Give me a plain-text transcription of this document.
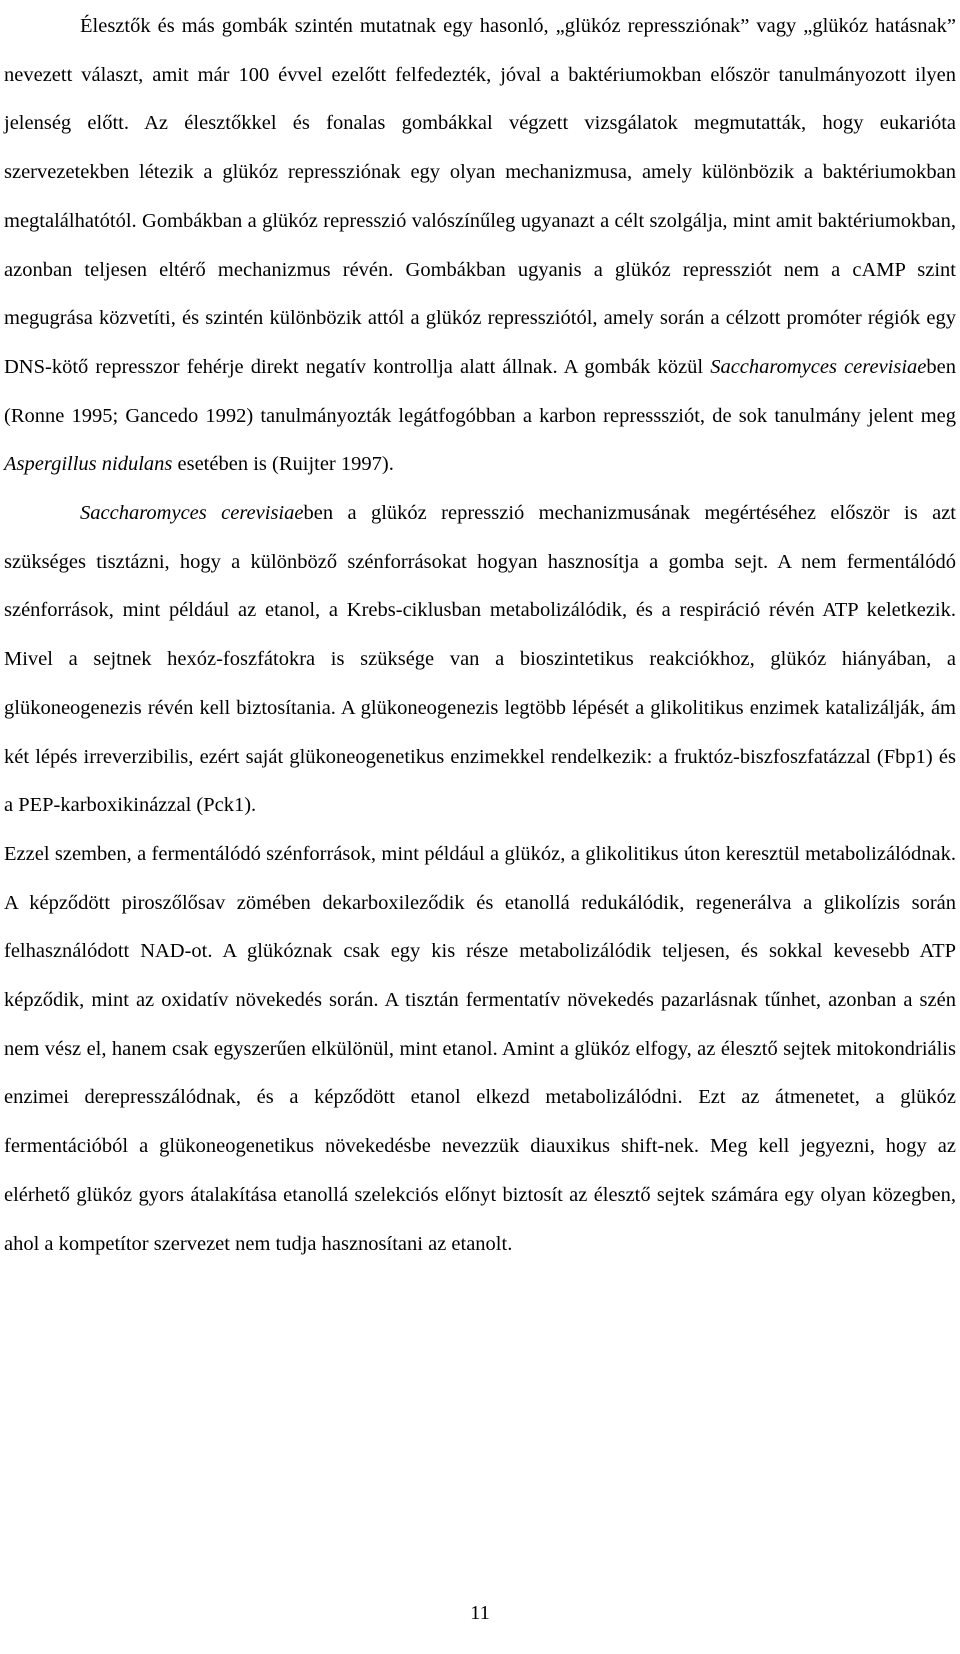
Élesztők és más gombák szintén mutatnak egy hasonló, „glükóz repressziónak” vagy „glükóz hatásnak” nevezett választ, amit már 100 évvel ezelőtt felfedezték, jóval a baktériumokban először tanulmányozott ilyen jelenség előtt. Az élesztőkkel és fonalas gombákkal végzett vizsgálatok megmutatták, hogy eukarióta szervezetekben létezik a glükóz repressziónak egy olyan mechanizmusa, amely különbözik a baktériumokban megtalálhatótól. Gombákban a glükóz represszió valószínűleg ugyanazt a célt szolgálja, mint amit baktériumokban, azonban teljesen eltérő mechanizmus révén. Gombákban ugyanis a glükóz repressziót nem a cAMP szint megugrása közvetíti, és szintén különbözik attól a glükóz repressziótól, amely során a célzott promóter régiók egy DNS-kötő represszor fehérje direkt negatív kontrollja alatt állnak. A gombák közül Saccharomyces cerevisiaeben (Ronne 1995; Gancedo 1992) tanulmányozták legátfogóbban a karbon represssziót, de sok tanulmány jelent meg Aspergillus nidulans esetében is (Ruijter 1997).

Saccharomyces cerevisiaeben a glükóz represszió mechanizmusának megértéséhez először is azt szükséges tisztázni, hogy a különböző szénforrásokat hogyan hasznosítja a gomba sejt. A nem fermentálódó szénforrások, mint például az etanol, a Krebs-ciklusban metabolizálódik, és a respiráció révén ATP keletkezik. Mivel a sejtnek hexóz-foszfátokra is szüksége van a bioszintetikus reakciókhoz, glükóz hiányában, a glükoneogenezis révén kell biztosítania. A glükoneogenezis legtöbb lépését a glikolitikus enzimek katalizálják, ám két lépés irreverzibilis, ezért saját glükoneogenetikus enzimekkel rendelkezik: a fruktóz-biszfoszfatázzal (Fbp1) és a PEP-karboxikinázzal (Pck1).

Ezzel szemben, a fermentálódó szénforrások, mint például a glükóz, a glikolitikus úton keresztül metabolizálódnak. A képződött piroszőlősav zömében dekarboxileződik és etanollá redukálódik, regenerálva a glikolízis során felhasználódott NAD-ot. A glükóznak csak egy kis része metabolizálódik teljesen, és sokkal kevesebb ATP képződik, mint az oxidatív növekedés során. A tisztán fermentatív növekedés pazarlásnak tűnhet, azonban a szén nem vész el, hanem csak egyszerűen elkülönül, mint etanol. Amint a glükóz elfogy, az élesztő sejtek mitokondriális enzimei derepresszálódnak, és a képződött etanol elkezd metabolizálódni. Ezt az átmenetet, a glükóz fermentációból a glükoneogenetikus növekedésbe nevezzük diauxikus shift-nek. Meg kell jegyezni, hogy az elérhető glükóz gyors átalakítása etanollá szelekciós előnyt biztosít az élesztő sejtek számára egy olyan közegben, ahol a kompetítor szervezet nem tudja hasznosítani az etanolt.

11
